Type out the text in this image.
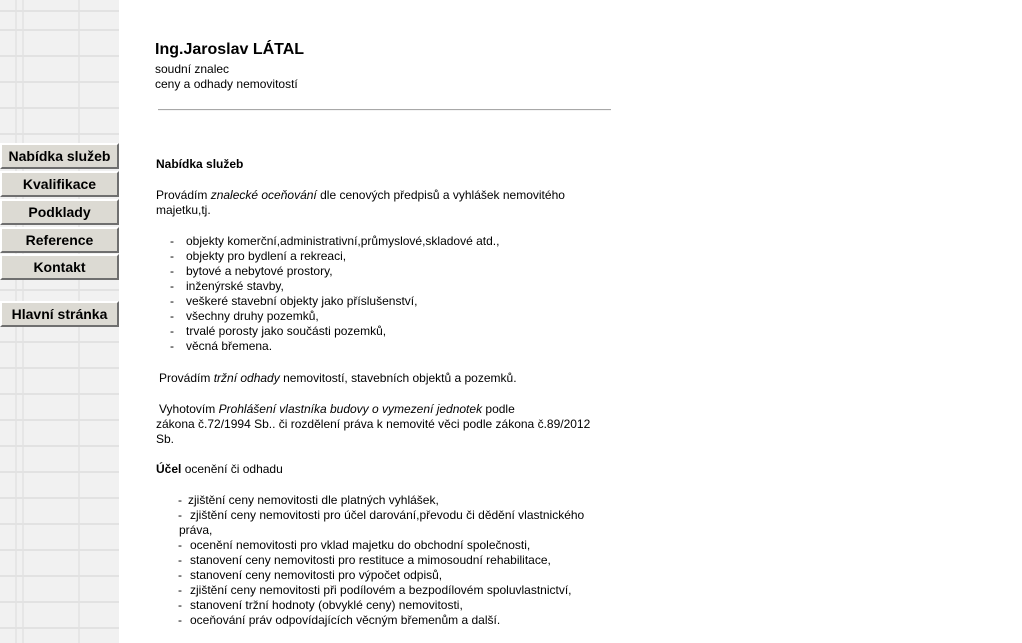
Nabídka služeb
Kvalifikace
Podklady
Reference
Kontakt
Hlavní stránka
Ing.Jaroslav LÁTAL
soudní znalec
ceny a odhady nemovitostí
Nabídka služeb
Provádím znalecké oceňování dle cenových předpisů a vyhlášek nemovitého
majetku,tj.
- objekty komerční,administrativní,průmyslové,skladové atd.,
- objekty pro bydlení a rekreaci,
- bytové a nebytové prostory,
- inženýrské stavby,
- veškeré stavební objekty jako příslušenství,
- všechny druhy pozemků,
- trvalé porosty jako součásti pozemků,
- věcná břemena.
Provádím tržní odhady nemovitostí, stavebních objektů a pozemků.
Vyhotovím Prohlášení vlastníka budovy o vymezení jednotek podle
zákona č.72/1994 Sb.. či rozdělení práva k nemovité věci podle zákona č.89/2012
Sb.
Účel ocenění či odhadu
- zjištění ceny nemovitosti dle platných vyhlášek,
- zjištění ceny nemovitosti pro účel darování,převodu či dědění vlastnického
práva,
- ocenění nemovitosti pro vklad majetku do obchodní společnosti,
- stanovení ceny nemovitosti pro restituce a mimosoudní rehabilitace,
- stanovení ceny nemovitosti pro výpočet odpisů,
- zjištění ceny nemovitosti při podílovém a bezpodílovém spoluvlastnictví,
- stanovení tržní hodnoty (obvyklé ceny) nemovitosti,
- oceňování práv odpovídajících věcným břemenům a další.
